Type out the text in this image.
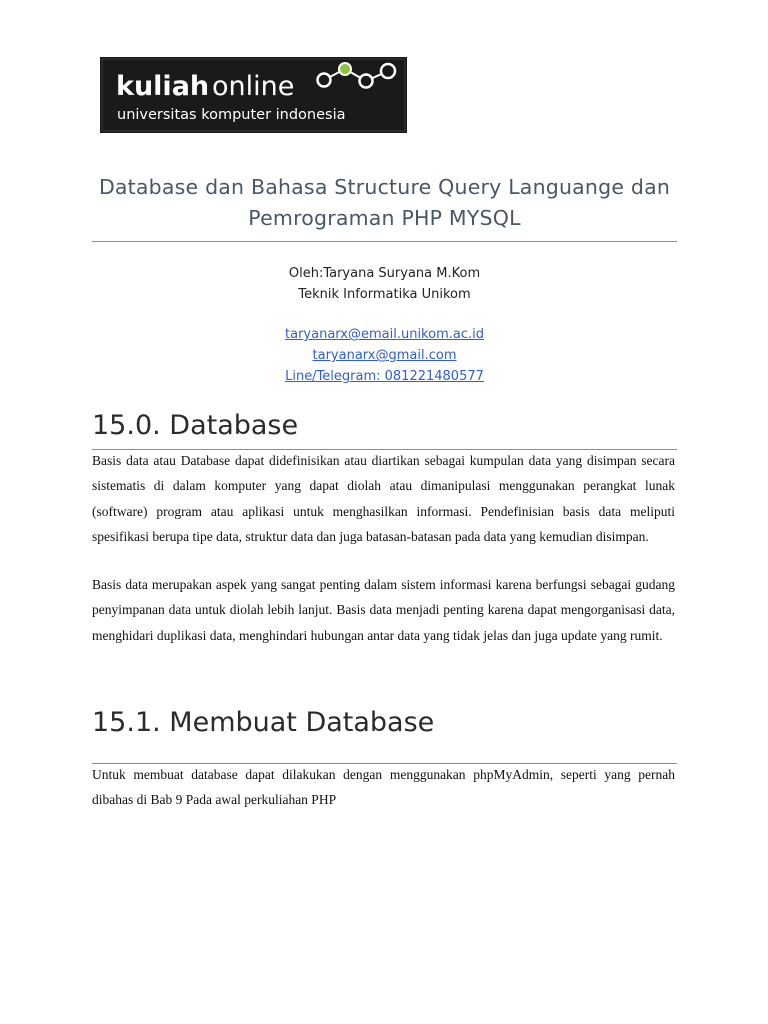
kuliah online
universitas komputer indonesia
Database dan Bahasa Structure Query Languange dan Pemrograman PHP MYSQL
Oleh:Taryana Suryana M.Kom
Teknik Informatika Unikom
taryanarx@email.unikom.ac.id
taryanarx@gmail.com
Line/Telegram: 081221480577
15.0. Database

Basis data atau Database dapat didefinisikan atau diartikan sebagai kumpulan data yang disimpan secara sistematis di dalam komputer yang dapat diolah atau dimanipulasi menggunakan perangkat lunak (software) program atau aplikasi untuk menghasilkan informasi. Pendefinisian basis data meliputi spesifikasi berupa tipe data, struktur data dan juga batasan-batasan pada data yang kemudian disimpan.

Basis data merupakan aspek yang sangat penting dalam sistem informasi karena berfungsi sebagai gudang penyimpanan data untuk diolah lebih lanjut. Basis data menjadi penting karena dapat mengorganisasi data, menghidari duplikasi data, menghindari hubungan antar data yang tidak jelas dan juga update yang rumit.

15.1. Membuat Database

Untuk membuat database dapat dilakukan dengan menggunakan phpMyAdmin, seperti yang pernah dibahas di Bab 9 Pada awal perkuliahan PHP
